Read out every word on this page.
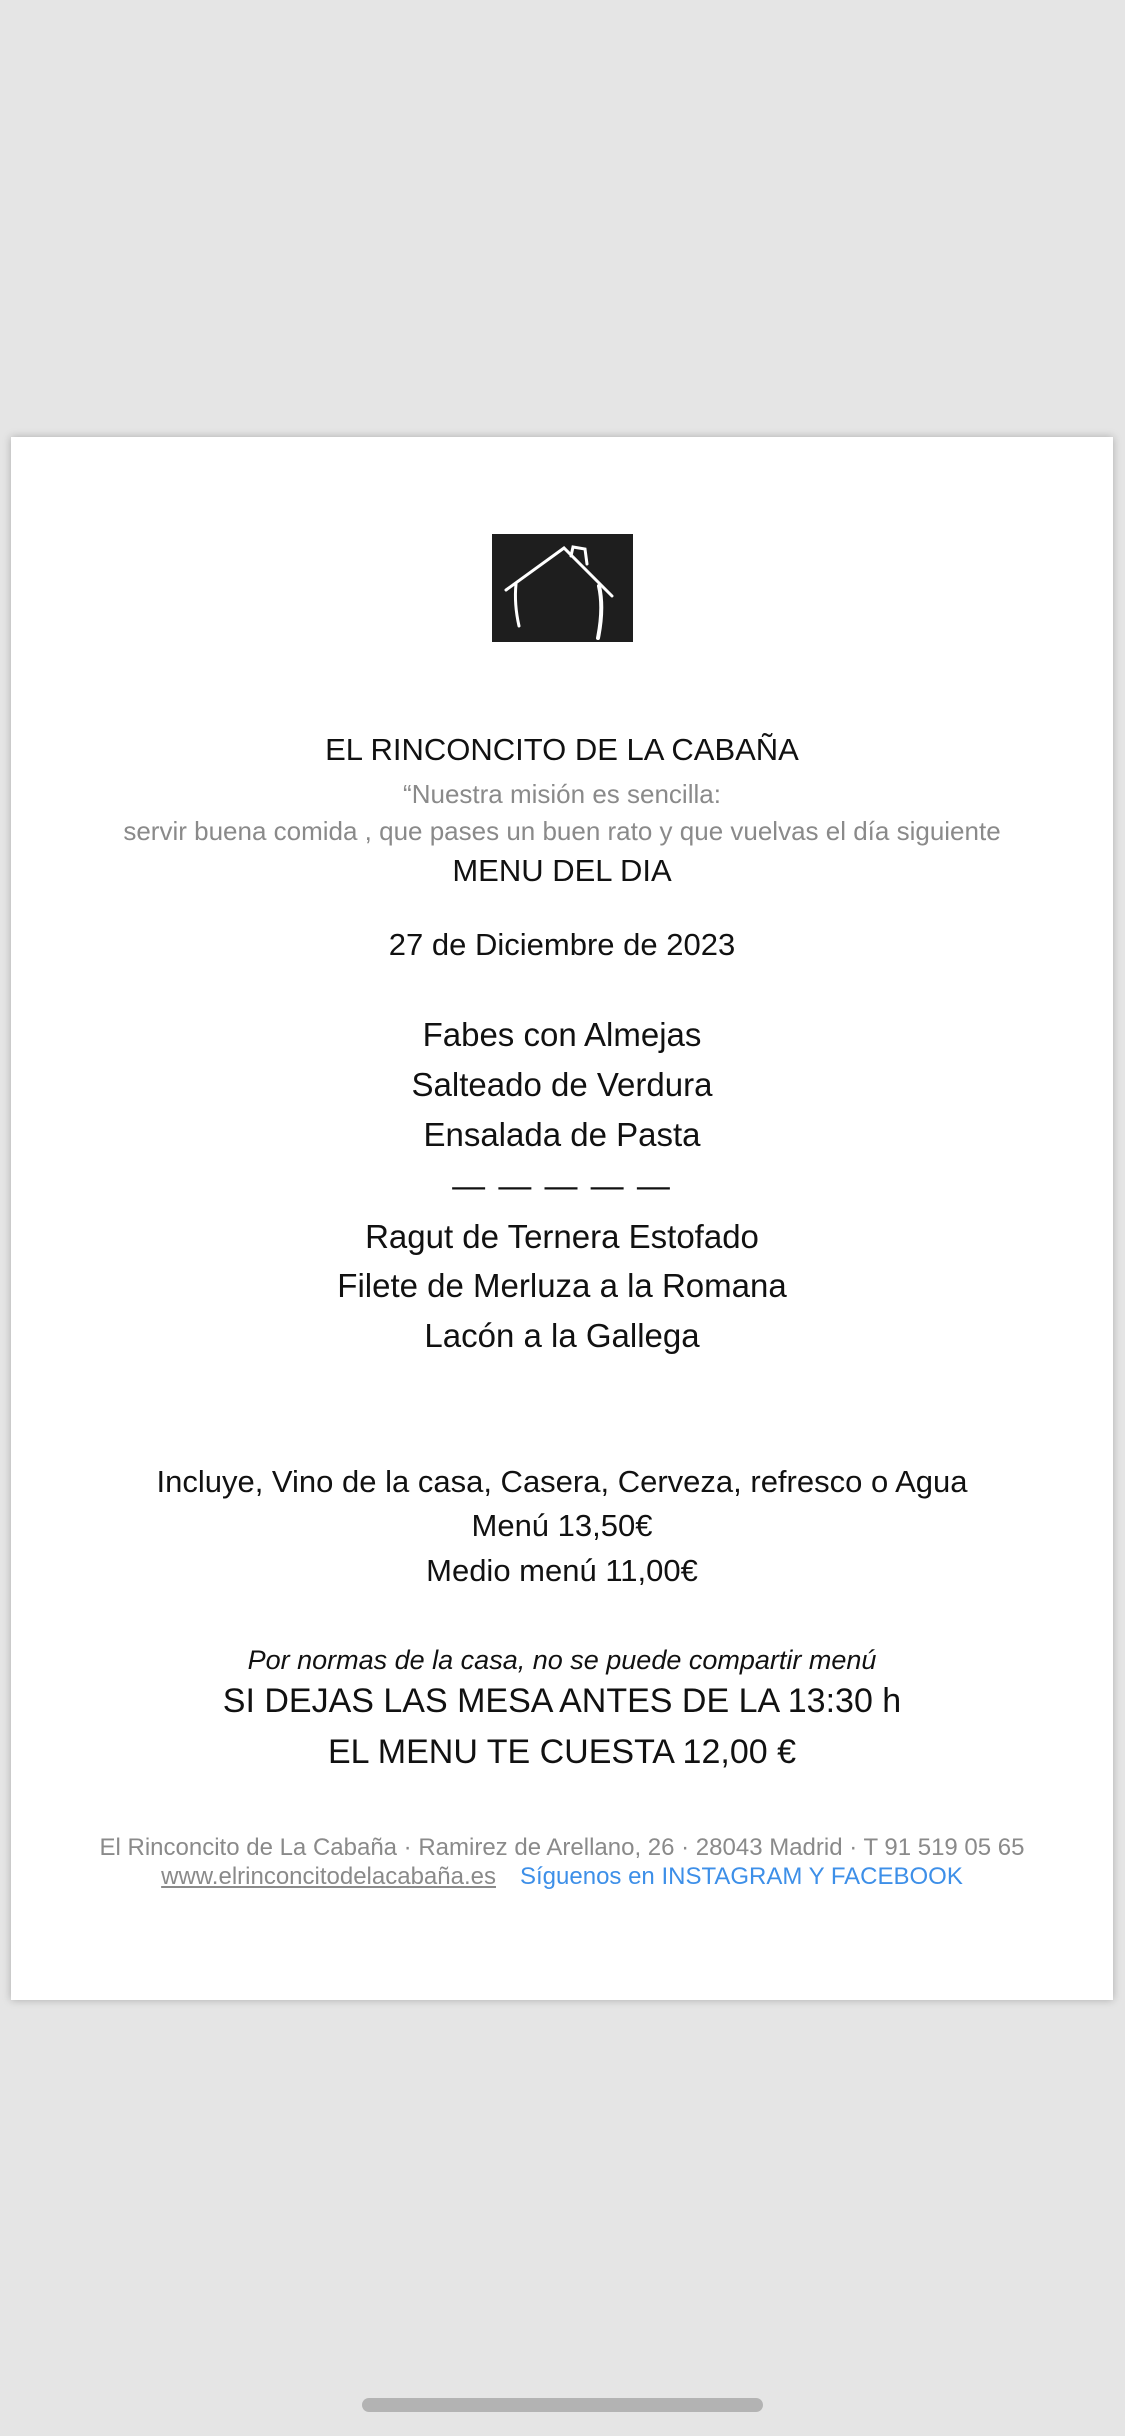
EL RINCONCITO DE LA CABAÑA
“Nuestra misión es sencilla:
servir buena comida , que pases un buen rato y que vuelvas el día siguiente
MENU DEL DIA
27 de Diciembre de 2023
Fabes con Almejas
Salteado de Verdura
Ensalada de Pasta
— — — — —
Ragut de Ternera Estofado
Filete de Merluza a la Romana
Lacón a la Gallega
Incluye, Vino de la casa, Casera, Cerveza, refresco o Agua
Menú 13,50€
Medio menú 11,00€
Por normas de la casa, no se puede compartir menú
SI DEJAS LAS MESA ANTES DE LA 13:30 h
EL MENU TE CUESTA 12,00 €
El Rinconcito de La Cabaña · Ramirez de Arellano, 26 · 28043 Madrid · T 91 519 05 65
www.elrinconcitodelacabaña.es Síguenos en INSTAGRAM Y FACEBOOK
